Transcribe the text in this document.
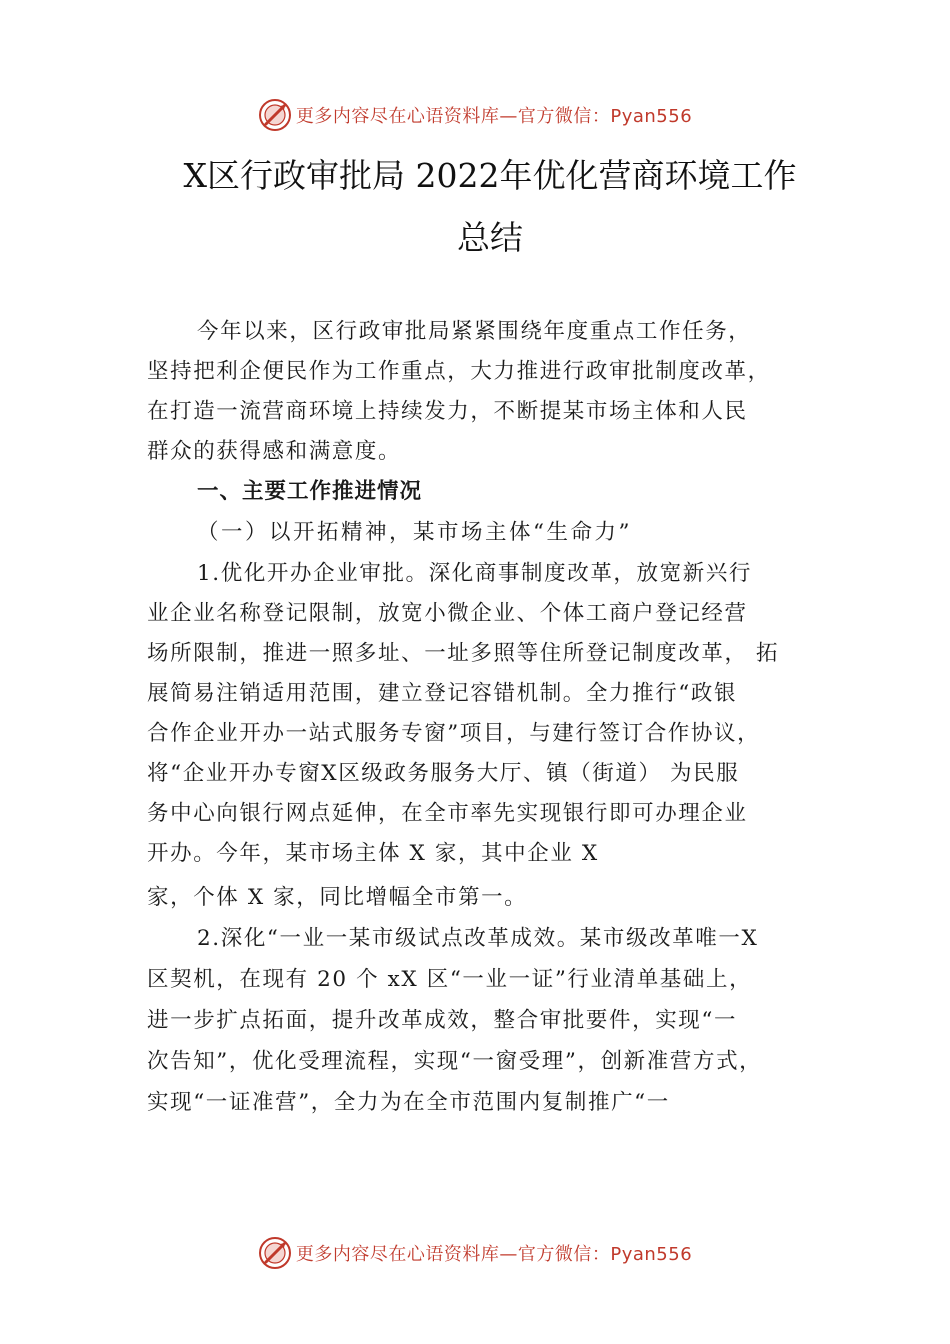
更多内容尽在心语资料库—官方微信：Pyan556
X区行政审批局 2022年优化营商环境工作
总结
今年以来，区行政审批局紧紧围绕年度重点工作任务，
坚持把利企便民作为工作重点，大力推进行政审批制度改革，
在打造一流营商环境上持续发力，不断提某市场主体和人民
群众的获得感和满意度。
一、主要工作推进情况
（一）以开拓精神，某市场主体“生命力”
1.优化开办企业审批。深化商事制度改革，放宽新兴行
业企业名称登记限制，放宽小微企业、个体工商户登记经营
场所限制，推进一照多址、一址多照等住所登记制度改革， 拓
展简易注销适用范围，建立登记容错机制。全力推行“政银
合作企业开办一站式服务专窗”项目，与建行签订合作协议，
将“企业开办专窗X区级政务服务大厅、镇（街道） 为民服
务中心向银行网点延伸，在全市率先实现银行即可办理企业
开办。今年，某市场主体 X 家，其中企业 X
家，个体 X 家，同比增幅全市第一。
2.深化“一业一某市级试点改革成效。某市级改革唯一X
区契机，在现有 20 个 xX 区“一业一证”行业清单基础上，
进一步扩点拓面，提升改革成效，整合审批要件，实现“一
次告知”，优化受理流程，实现“一窗受理”，创新准营方式，
实现“一证准营”，全力为在全市范围内复制推广“一
更多内容尽在心语资料库—官方微信：Pyan556
